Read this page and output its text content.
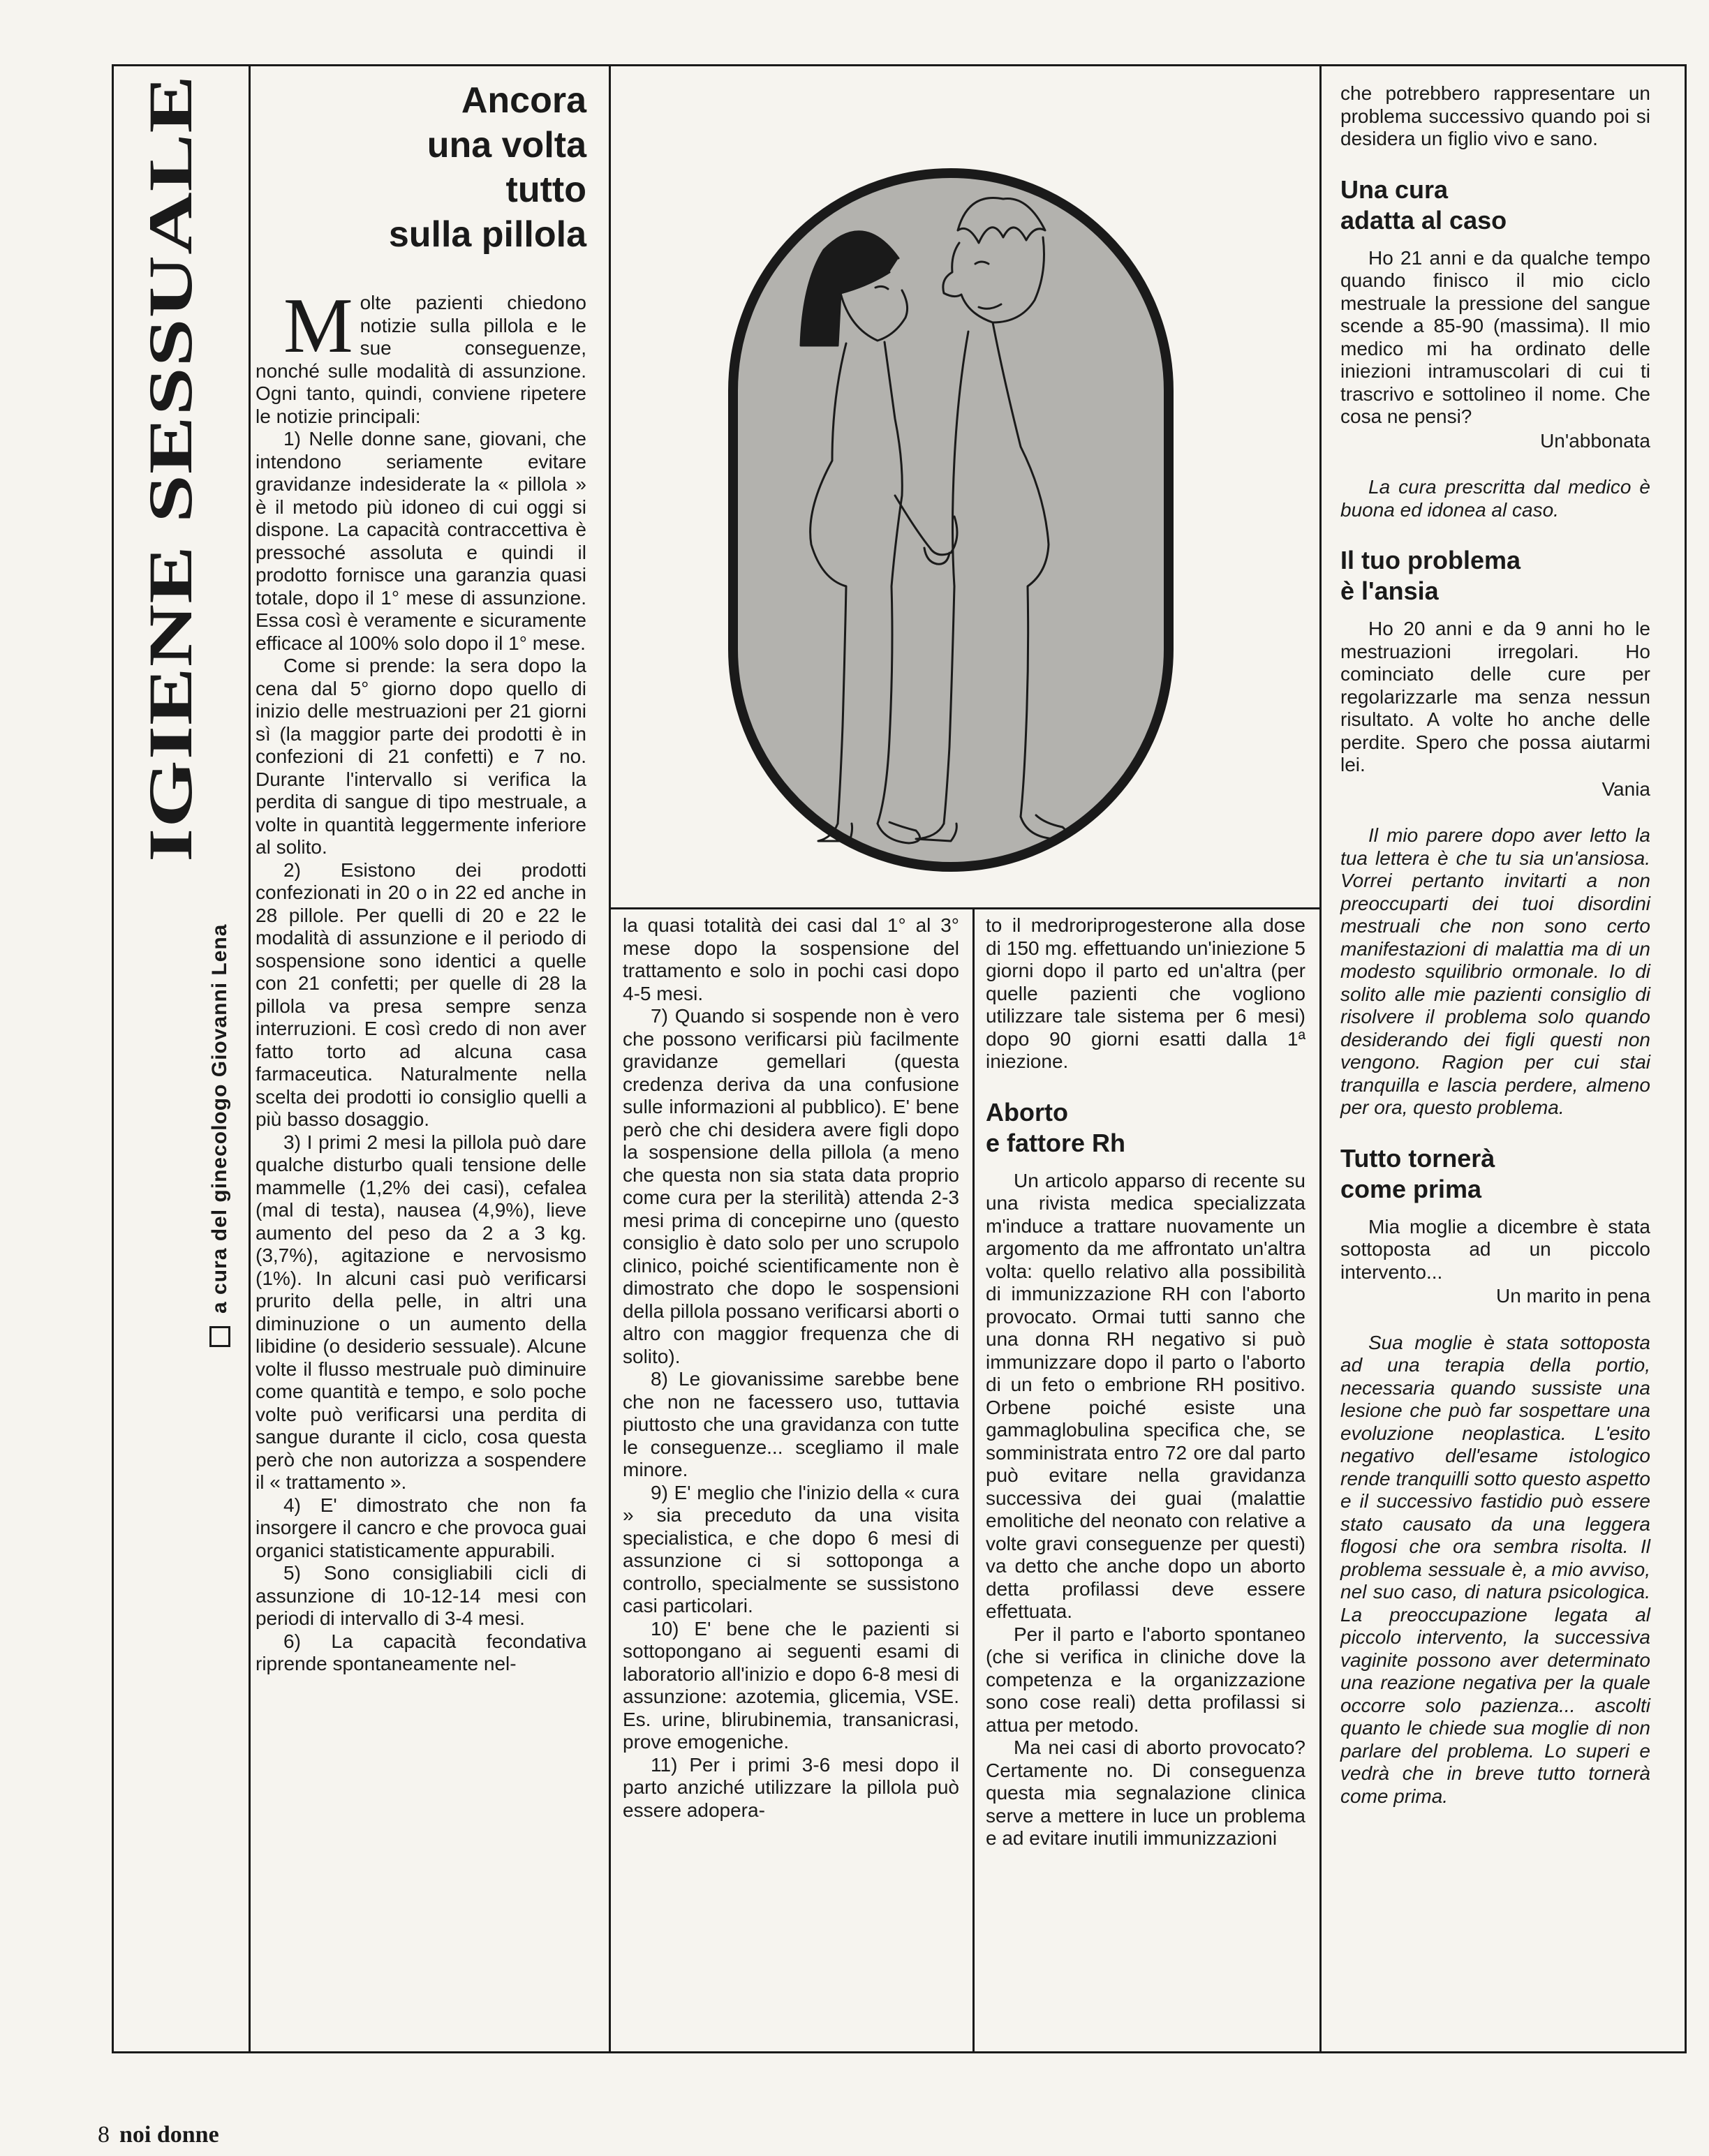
IGIENE SESSUALE
a cura del ginecologo Giovanni Lena
Ancora
una volta
tutto
sulla pillola

Molte pazienti chiedono notizie sulla pillola e le sue conseguenze, nonché sulle modalità di assunzione. Ogni tanto, quindi, conviene ripetere le notizie principali:

1) Nelle donne sane, giovani, che intendono seriamente evitare gravidanze indesiderate la « pillola » è il metodo più idoneo di cui oggi si dispone. La capacità contraccettiva è pressoché assoluta e quindi il prodotto fornisce una garanzia quasi totale, dopo il 1° mese di assunzione. Essa così è veramente e sicuramente efficace al 100% solo dopo il 1° mese.

Come si prende: la sera dopo la cena dal 5° giorno dopo quello di inizio delle mestruazioni per 21 giorni sì (la maggior parte dei prodotti è in confezioni di 21 confetti) e 7 no. Durante l'intervallo si verifica la perdita di sangue di tipo mestruale, a volte in quantità leggermente inferiore al solito.

2) Esistono dei prodotti confezionati in 20 o in 22 ed anche in 28 pillole. Per quelli di 20 e 22 le modalità di assunzione e il periodo di sospensione sono identici a quelle con 21 confetti; per quelle di 28 la pillola va presa sempre senza interruzioni. E così credo di non aver fatto torto ad alcuna casa farmaceutica. Naturalmente nella scelta dei prodotti io consiglio quelli a più basso dosaggio.

3) I primi 2 mesi la pillola può dare qualche disturbo quali tensione delle mammelle (1,2% dei casi), cefalea (mal di testa), nausea (4,9%), lieve aumento del peso da 2 a 3 kg. (3,7%), agitazione e nervosismo (1%). In alcuni casi può verificarsi prurito della pelle, in altri una diminuzione o un aumento della libidine (o desiderio sessuale). Alcune volte il flusso mestruale può diminuire come quantità e tempo, e solo poche volte può verificarsi una perdita di sangue durante il ciclo, cosa questa però che non autorizza a sospendere il « trattamento ».

4) E' dimostrato che non fa insorgere il cancro e che provoca guai organici statisticamente appurabili.

5) Sono consigliabili cicli di assunzione di 10-12-14 mesi con periodi di intervallo di 3-4 mesi.

6) La capacità fecondativa riprende spontaneamente nel-

la quasi totalità dei casi dal 1° al 3° mese dopo la sospensione del trattamento e solo in pochi casi dopo 4-5 mesi.

7) Quando si sospende non è vero che possono verificarsi più facilmente gravidanze gemellari (questa credenza deriva da una confusione sulle informazioni al pubblico). E' bene però che chi desidera avere figli dopo la sospensione della pillola (a meno che questa non sia stata data proprio come cura per la sterilità) attenda 2-3 mesi prima di concepirne uno (questo consiglio è dato solo per uno scrupolo clinico, poiché scientificamente non è dimostrato che dopo le sospensioni della pillola possano verificarsi aborti o altro con maggior frequenza che di solito).

8) Le giovanissime sarebbe bene che non ne facessero uso, tuttavia piuttosto che una gravidanza con tutte le conseguenze... scegliamo il male minore.

9) E' meglio che l'inizio della « cura » sia preceduto da una visita specialistica, e che dopo 6 mesi di assunzione ci si sottoponga a controllo, specialmente se sussistono casi particolari.

10) E' bene che le pazienti si sottopongano ai seguenti esami di laboratorio all'inizio e dopo 6-8 mesi di assunzione: azotemia, glicemia, VSE. Es. urine, blirubinemia, transanicrasi, prove emogeniche.

11) Per i primi 3-6 mesi dopo il parto anziché utilizzare la pillola può essere adopera-

to il medroriprogesterone alla dose di 150 mg. effettuando un'iniezione 5 giorni dopo il parto ed un'altra (per quelle pazienti che vogliono utilizzare tale sistema per 6 mesi) dopo 90 giorni esatti dalla 1ª iniezione.

Aborto
e fattore Rh

Un articolo apparso di recente su una rivista medica specializzata m'induce a trattare nuovamente un argomento da me affrontato un'altra volta: quello relativo alla possibilità di immunizzazione RH con l'aborto provocato. Ormai tutti sanno che una donna RH negativo si può immunizzare dopo il parto o l'aborto di un feto o embrione RH positivo. Orbene poiché esiste una gammaglobulina specifica che, se somministrata entro 72 ore dal parto può evitare nella gravidanza successiva dei guai (malattie emolitiche del neonato con relative a volte gravi conseguenze per questi) va detto che anche dopo un aborto detta profilassi deve essere effettuata.

Per il parto e l'aborto spontaneo (che si verifica in cliniche dove la competenza e la organizzazione sono cose reali) detta profilassi si attua per metodo.

Ma nei casi di aborto provocato? Certamente no. Di conseguenza questa mia segnalazione clinica serve a mettere in luce un problema e ad evitare inutili immunizzazioni

che potrebbero rappresentare un problema successivo quando poi si desidera un figlio vivo e sano.

Una cura
adatta al caso

Ho 21 anni e da qualche tempo quando finisco il mio ciclo mestruale la pressione del sangue scende a 85-90 (massima). Il mio medico mi ha ordinato delle iniezioni intramuscolari di cui ti trascrivo e sottolineo il nome. Che cosa ne pensi?

Un'abbonata

La cura prescritta dal medico è buona ed idonea al caso.

Il tuo problema
è l'ansia

Ho 20 anni e da 9 anni ho le mestruazioni irregolari. Ho cominciato delle cure per regolarizzarle ma senza nessun risultato. A volte ho anche delle perdite. Spero che possa aiutarmi lei.

Vania

Il mio parere dopo aver letto la tua lettera è che tu sia un'ansiosa. Vorrei pertanto invitarti a non preoccuparti dei tuoi disordini mestruali che non sono certo manifestazioni di malattia ma di un modesto squilibrio ormonale. Io di solito alle mie pazienti consiglio di risolvere il problema solo quando desiderando dei figli questi non vengono. Ragion per cui stai tranquilla e lascia perdere, almeno per ora, questo problema.

Tutto tornerà
come prima

Mia moglie a dicembre è stata sottoposta ad un piccolo intervento...

Un marito in pena

Sua moglie è stata sottoposta ad una terapia della portio, necessaria quando sussiste una lesione che può far sospettare una evoluzione neoplastica. L'esito negativo dell'esame istologico rende tranquilli sotto questo aspetto e il successivo fastidio può essere stato causato da una leggera flogosi che ora sembra risolta. Il problema sessuale è, a mio avviso, nel suo caso, di natura psicologica. La preoccupazione legata al piccolo intervento, la successiva vaginite possono aver determinato una reazione negativa per la quale occorre solo pazienza... ascolti quanto le chiede sua moglie di non parlare del problema. Lo superi e vedrà che in breve tutto tornerà come prima.

8 noi donne
